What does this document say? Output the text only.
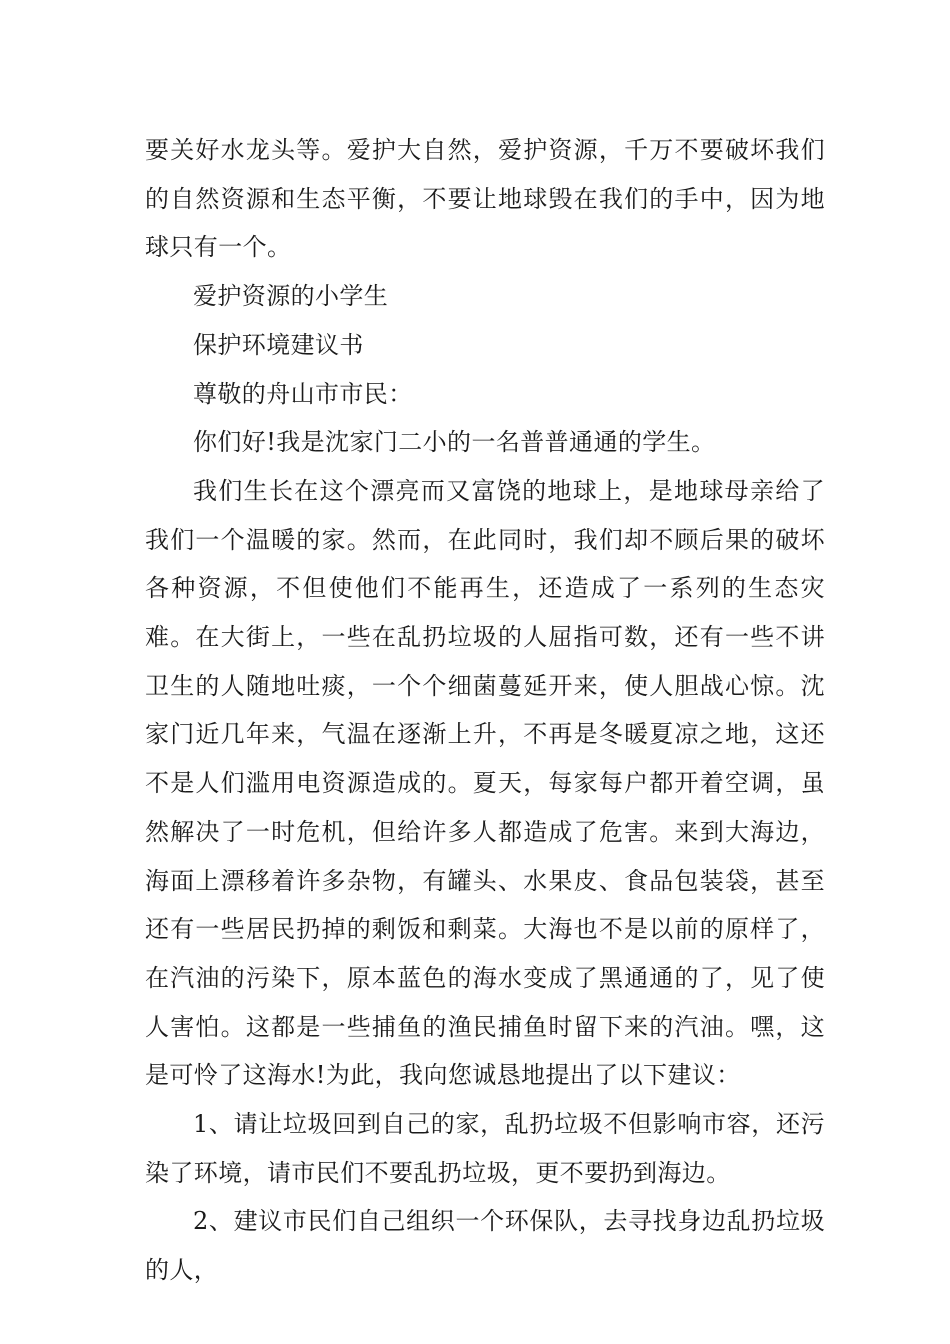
要关好水龙头等。爱护大自然，爱护资源，千万不要破坏我们的自然资源和生态平衡，不要让地球毁在我们的手中，因为地球只有一个。

爱护资源的小学生

保护环境建议书

尊敬的舟山市市民：

你们好!我是沈家门二小的一名普普通通的学生。

我们生长在这个漂亮而又富饶的地球上，是地球母亲给了我们一个温暖的家。然而，在此同时，我们却不顾后果的破坏各种资源，不但使他们不能再生，还造成了一系列的生态灾难。在大街上，一些在乱扔垃圾的人屈指可数，还有一些不讲卫生的人随地吐痰，一个个细菌蔓延开来，使人胆战心惊。沈家门近几年来，气温在逐渐上升，不再是冬暖夏凉之地，这还不是人们滥用电资源造成的。夏天，每家每户都开着空调，虽然解决了一时危机，但给许多人都造成了危害。来到大海边，海面上漂移着许多杂物，有罐头、水果皮、食品包装袋，甚至还有一些居民扔掉的剩饭和剩菜。大海也不是以前的原样了，在汽油的污染下，原本蓝色的海水变成了黑通通的了，见了使人害怕。这都是一些捕鱼的渔民捕鱼时留下来的汽油。嘿，这是可怜了这海水!为此，我向您诚恳地提出了以下建议：

1、请让垃圾回到自己的家，乱扔垃圾不但影响市容，还污染了环境，请市民们不要乱扔垃圾，更不要扔到海边。

2、建议市民们自己组织一个环保队，去寻找身边乱扔垃圾的人，
